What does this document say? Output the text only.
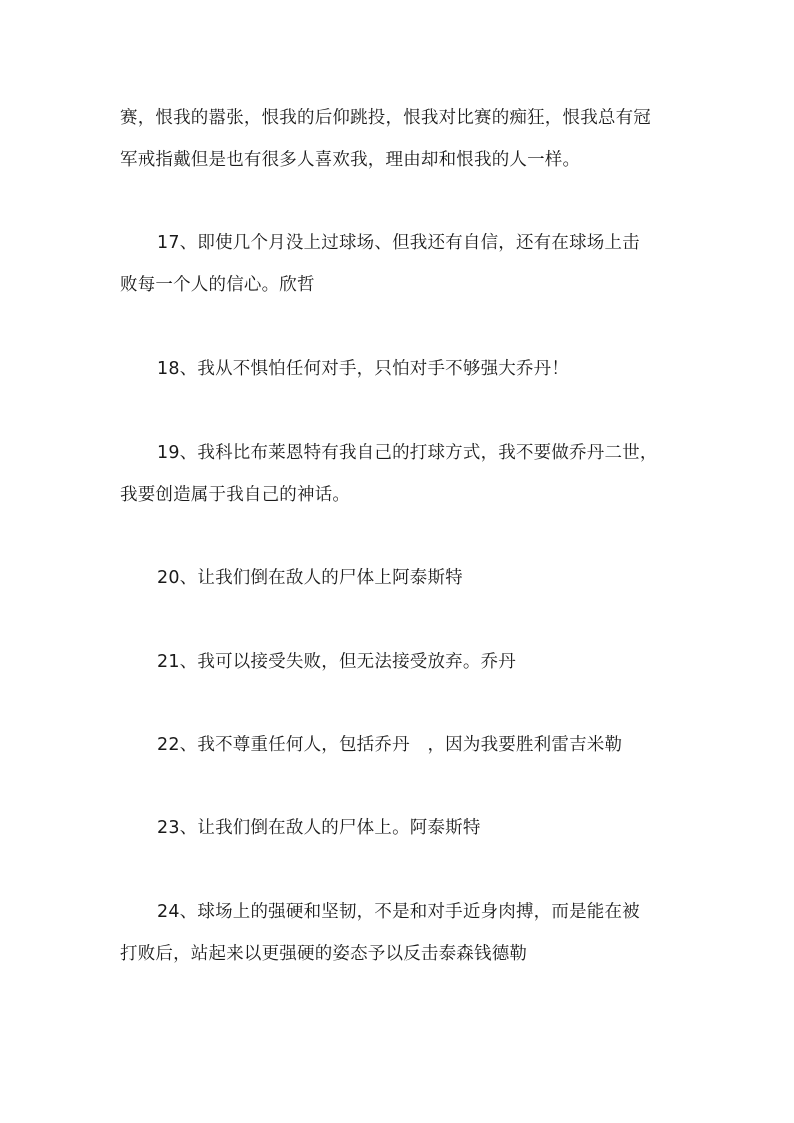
赛，恨我的嚣张，恨我的后仰跳投，恨我对比赛的痴狂，恨我总有冠
军戒指戴但是也有很多人喜欢我，理由却和恨我的人一样。
17、即使几个月没上过球场、但我还有自信，还有在球场上击
败每一个人的信心。欣哲
18、我从不惧怕任何对手，只怕对手不够强大乔丹！
19、我科比布莱恩特有我自己的打球方式，我不要做乔丹二世，
我要创造属于我自己的神话。
20、让我们倒在敌人的尸体上阿泰斯特
21、我可以接受失败，但无法接受放弃。乔丹
22、我不尊重任何人，包括乔丹　，因为我要胜利雷吉米勒
23、让我们倒在敌人的尸体上。阿泰斯特
24、球场上的强硬和坚韧，不是和对手近身肉搏，而是能在被
打败后，站起来以更强硬的姿态予以反击泰森钱德勒
